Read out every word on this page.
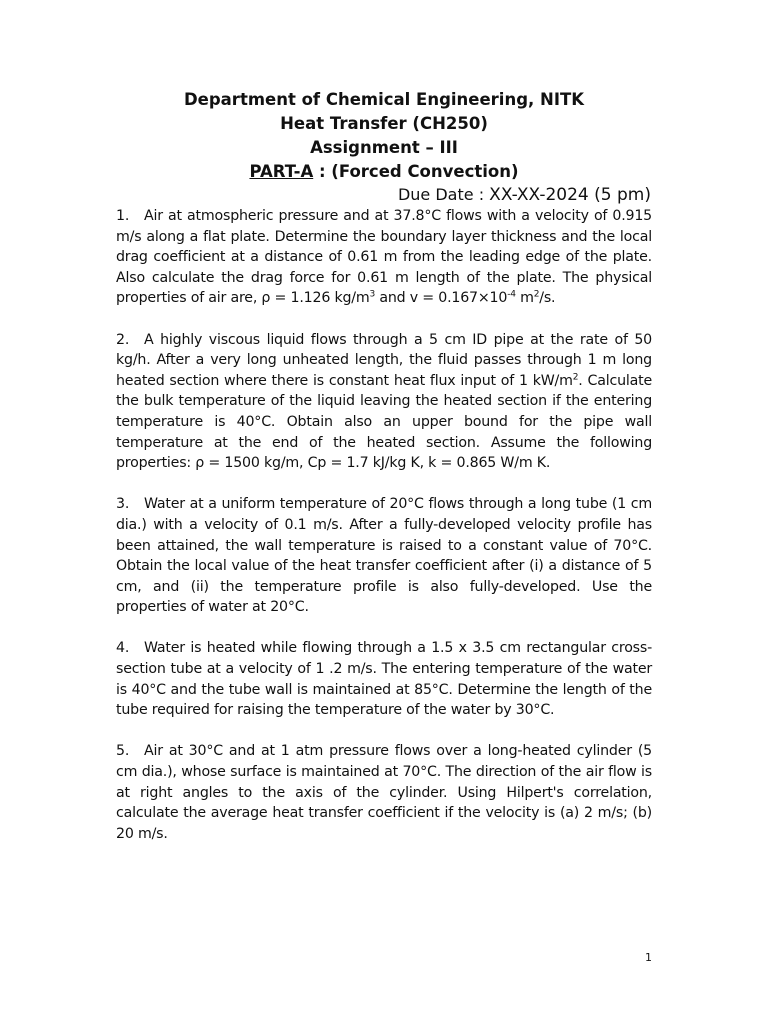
Department of Chemical Engineering, NITK
Heat Transfer (CH250)
Assignment – III
PART-A : (Forced Convection)
Due Date : XX-XX-2024 (5 pm)

1. Air at atmospheric pressure and at 37.8°C flows with a velocity of 0.915 m/s along a flat plate. Determine the boundary layer thickness and the local drag coefficient at a distance of 0.61 m from the leading edge of the plate. Also calculate the drag force for 0.61 m length of the plate. The physical properties of air are, ρ = 1.126 $kg/m^3$ and $v = 0.167\times 10^{-4}$ $m^2/s$.

2. A highly viscous liquid flows through a 5 cm ID pipe at the rate of 50 kg/h. After a very long unheated length, the fluid passes through 1 m long heated section where there is constant heat flux input of 1 $kW/m^2$. Calculate the bulk temperature of the liquid leaving the heated section if the entering temperature is 40°C. Obtain also an upper bound for the pipe wall temperature at the end of the heated section. Assume the following properties: ρ = 1500 kg/m, Cp = 1.7 kJ/kg K, k = 0.865 W/m K.

3. Water at a uniform temperature of 20°C flows through a long tube (1 cm dia.) with a velocity of 0.1 m/s. After a fully-developed velocity profile has been attained, the wall temperature is raised to a constant value of 70°C. Obtain the local value of the heat transfer coefficient after (i) a distance of 5 cm, and (ii) the temperature profile is also fully-developed. Use the properties of water at 20°C.

4. Water is heated while flowing through a 1.5 x 3.5 cm rectangular cross-section tube at a velocity of 1 .2 m/s. The entering temperature of the water is 40°C and the tube wall is maintained at 85°C. Determine the length of the tube required for raising the temperature of the water by 30°C.

5. Air at 30°C and at 1 atm pressure flows over a long-heated cylinder (5 cm dia.), whose surface is maintained at 70°C. The direction of the air flow is at right angles to the axis of the cylinder. Using Hilpert's correlation, calculate the average heat transfer coefficient if the velocity is (a) 2 m/s; (b) 20 m/s.

1
